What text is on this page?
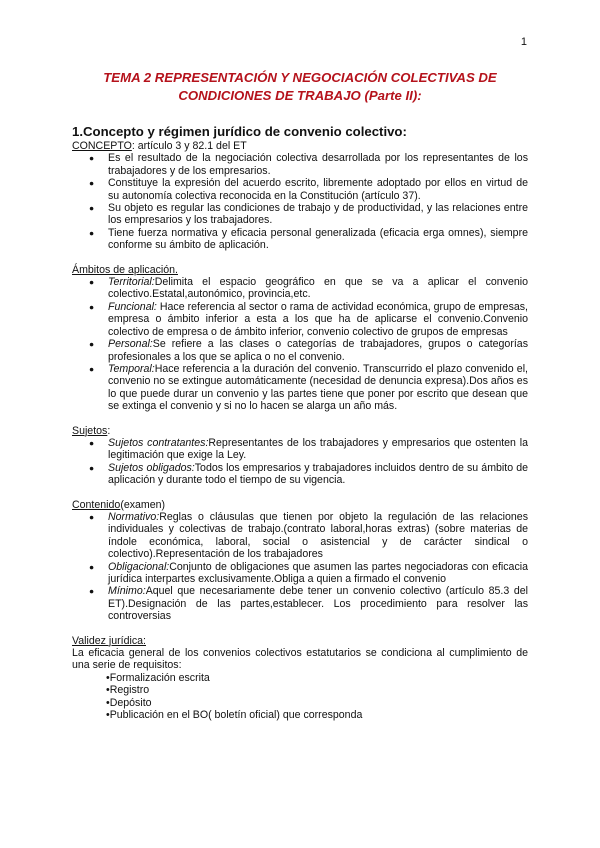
1
TEMA 2 REPRESENTACIÓN Y NEGOCIACIÓN COLECTIVAS DE
CONDICIONES DE TRABAJO (Parte II):
1.Concepto y régimen jurídico de convenio colectivo:

CONCEPTO: artículo 3 y 82.1 del ET

● Es el resultado de la negociación colectiva desarrollada por los representantes de los trabajadores y de los empresarios.
● Constituye la expresión del acuerdo escrito, libremente adoptado por ellos en virtud de su autonomía colectiva reconocida en la Constitución (artículo 37).
● Su objeto es regular las condiciones de trabajo y de productividad, y las relaciones entre los empresarios y los trabajadores.
● Tiene fuerza normativa y eficacia personal generalizada (eficacia erga omnes), siempre conforme su ámbito de aplicación.

Ámbitos de aplicación.

● Territorial:Delimita el espacio geográfico en que se va a aplicar el convenio colectivo.Estatal,autonómico, provincia,etc.
● Funcional: Hace referencia al sector o rama de actividad económica, grupo de empresas, empresa o ámbito inferior a esta a los que ha de aplicarse el convenio.Convenio colectivo de empresa o de ámbito inferior, convenio colectivo de grupos de empresas
● Personal:Se refiere a las clases o categorías de trabajadores, grupos o categorías profesionales a los que se aplica o no el convenio.
● Temporal:Hace referencia a la duración del convenio. Transcurrido el plazo convenido el, convenio no se extingue automáticamente (necesidad de denuncia expresa).Dos años es lo que puede durar un convenio y las partes tiene que poner por escrito que desean que se extinga el convenio y si no lo hacen se alarga un año más.

Sujetos:

● Sujetos contratantes:Representantes de los trabajadores y empresarios que ostenten la legitimación que exige la Ley.
● Sujetos obligados:Todos los empresarios y trabajadores incluidos dentro de su ámbito de aplicación y durante todo el tiempo de su vigencia.

Contenido(examen)

● Normativo:Reglas o cláusulas que tienen por objeto la regulación de las relaciones individuales y colectivas de trabajo.(contrato laboral,horas extras) (sobre materias de índole económica, laboral, social o asistencial y de carácter sindical o colectivo).Representación de los trabajadores
● Obligacional:Conjunto de obligaciones que asumen las partes negociadoras con eficacia jurídica interpartes exclusivamente.Obliga a quien a firmado el convenio
● Mínimo:Aquel que necesariamente debe tener un convenio colectivo (artículo 85.3 del ET).Designación de las partes,establecer. Los procedimiento para resolver las controversias

Validez jurídica:

La eficacia general de los convenios colectivos estatutarios se condiciona al cumplimiento de una serie de requisitos:

• Formalización escrita
• Registro
• Depósito
• Publicación en el BO( boletín oficial) que corresponda
